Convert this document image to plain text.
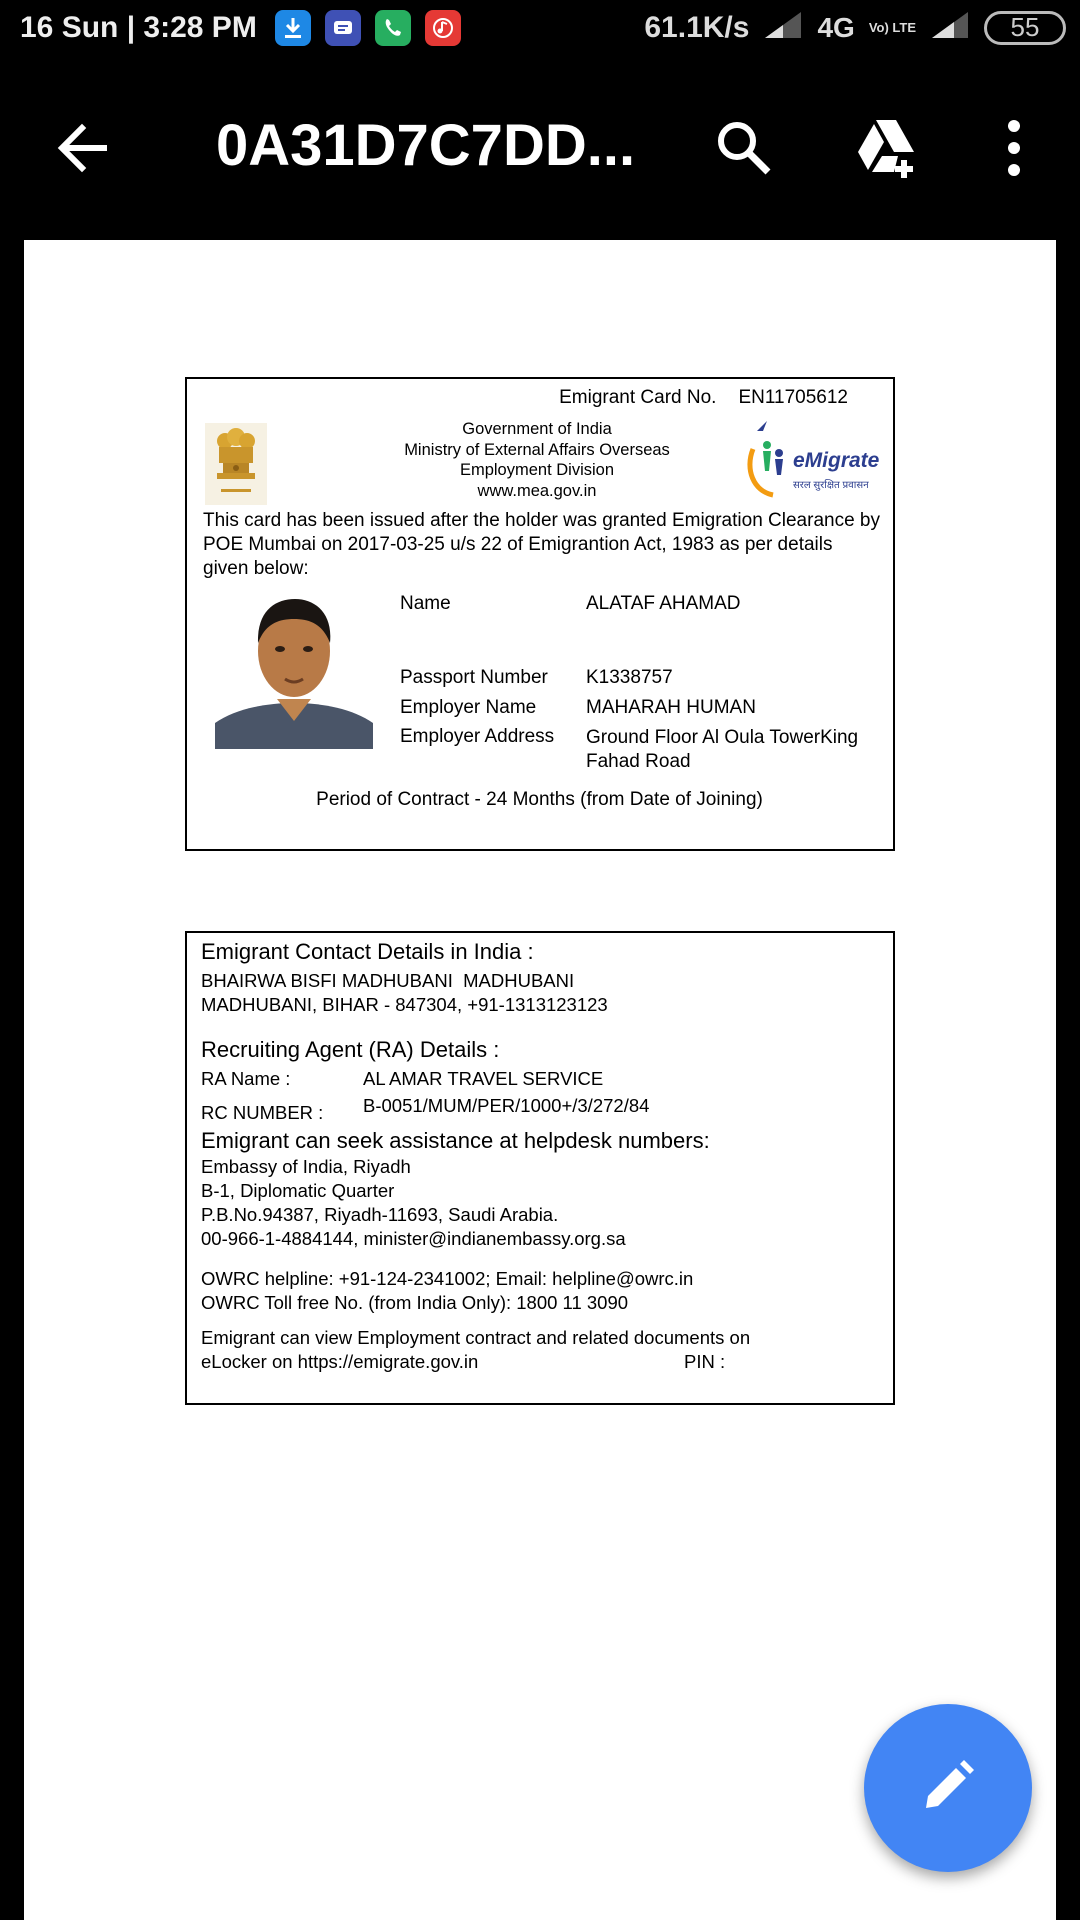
16 Sun | 3:28 PM	61.1K/s 4G Vo) LTE	55
0A31D7C7DD...
Emigrant Card No. EN11705612
Government of India
Ministry of External Affairs Overseas
Employment Division
www.mea.gov.in
eMigrate
सरल सुरक्षित प्रवासन
This card has been issued after the holder was granted Emigration Clearance by POE Mumbai on 2017-03-25 u/s 22 of Emigrantion Act, 1983 as per details given below:
Name	ALATAF AHAMAD
Passport Number K1338757
Employer Name	MAHARAH HUMAN
Employer Address Ground Floor Al Oula TowerKing Fahad Road
Period of Contract - 24 Months (from Date of Joining)
Emigrant Contact Details in India :
BHAIRWA BISFI MADHUBANI  MADHUBANI
MADHUBANI, BIHAR - 847304, +91-1313123123
Recruiting Agent (RA) Details :
RA Name :	AL AMAR TRAVEL SERVICE
RC NUMBER : B-0051/MUM/PER/1000+/3/272/84
Emigrant can seek assistance at helpdesk numbers:
Embassy of India, Riyadh
B-1, Diplomatic Quarter
P.B.No.94387, Riyadh-11693, Saudi Arabia.
00-966-1-4884144, minister@indianembassy.org.sa
OWRC helpline: +91-124-2341002; Email: helpline@owrc.in
OWRC Toll free No. (from India Only): 1800 11 3090
Emigrant can view Employment contract and related documents on
eLocker on https://emigrate.gov.in	PIN :
